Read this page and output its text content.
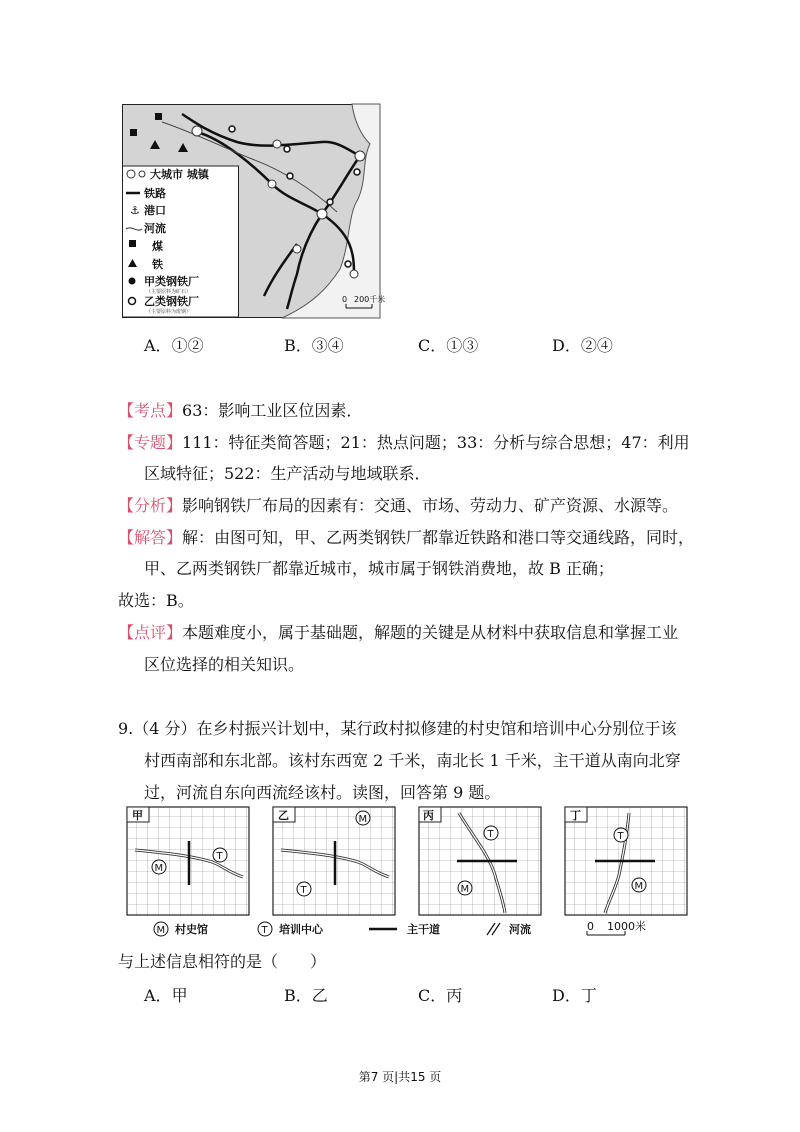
大城市 城镇
铁路
⚓ 港口
河流
煤
铁
甲类钢铁厂
（主要原料为矿石）
乙类钢铁厂
（主要原料为废钢）
0 200千米
A．①②	B．③④	C．①③	D．②④
【考点】63：影响工业区位因素．
【专题】111：特征类简答题；21：热点问题；33：分析与综合思想；47：利用
区域特征；522：生产活动与地域联系．
【分析】影响钢铁厂布局的因素有：交通、市场、劳动力、矿产资源、水源等。
【解答】解：由图可知，甲、乙两类钢铁厂都靠近铁路和港口等交通线路，同时，
甲、乙两类钢铁厂都靠近城市，城市属于钢铁消费地，故 B 正确；
故选：B。
【点评】本题难度小，属于基础题，解题的关键是从材料中获取信息和掌握工业
区位选择的相关知识。
9.（4 分）在乡村振兴计划中，某行政村拟修建的村史馆和培训中心分别位于该
村西南部和东北部。该村东西宽 2 千米，南北长 1 千米，主干道从南向北穿
过，河流自东向西流经该村。读图，回答第 9 题。
甲
M
T
乙	M
T
丙
T
M
丁
T
M
M 村史馆	T 培训中心	主干道	河流	0 1000米
与上述信息相符的是（　　）
A．甲	B．乙	C．丙	D．丁
第7 页|共15 页
